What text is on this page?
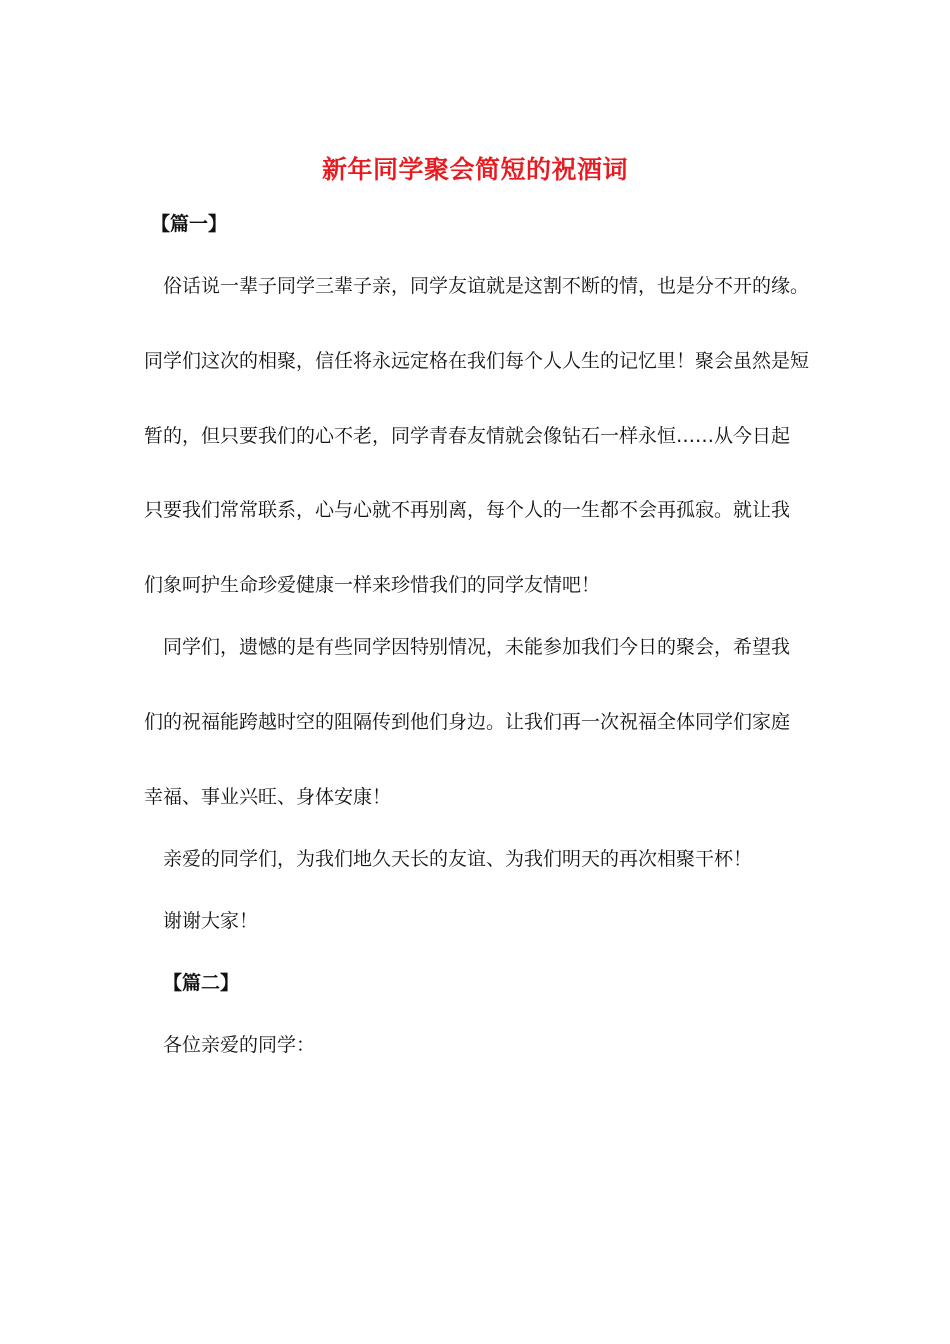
新年同学聚会简短的祝酒词

【篇一】

俗话说一辈子同学三辈子亲，同学友谊就是这割不断的情，也是分不开的缘。

同学们这次的相聚，信任将永远定格在我们每个人人生的记忆里！聚会虽然是短

暂的，但只要我们的心不老，同学青春友情就会像钻石一样永恒……从今日起

只要我们常常联系，心与心就不再别离，每个人的一生都不会再孤寂。就让我

们象呵护生命珍爱健康一样来珍惜我们的同学友情吧！

同学们，遗憾的是有些同学因特别情况，未能参加我们今日的聚会，希望我

们的祝福能跨越时空的阻隔传到他们身边。让我们再一次祝福全体同学们家庭

幸福、事业兴旺、身体安康！

亲爱的同学们，为我们地久天长的友谊、为我们明天的再次相聚干杯！

谢谢大家！

【篇二】

各位亲爱的同学：
